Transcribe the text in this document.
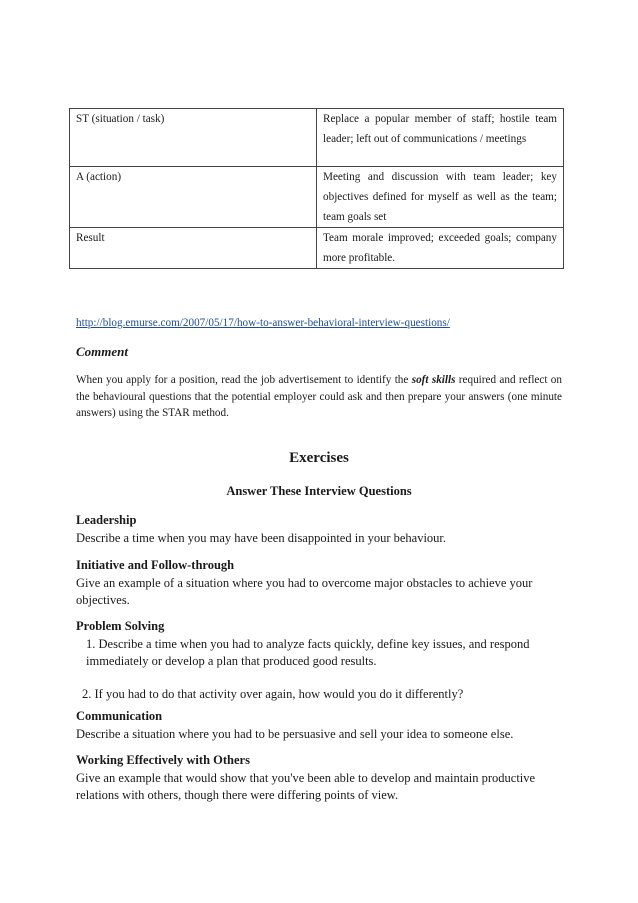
ST (situation / task)	Replace a popular member of staff; hostile team leader; left out of communications / meetings
A (action)	Meeting and discussion with team leader; key objectives defined for myself as well as the team; team goals set
Result	Team morale improved; exceeded goals; company more profitable.
http://blog.emurse.com/2007/05/17/how-to-answer-behavioral-interview-questions/
Comment
When you apply for a position, read the job advertisement to identify the soft skills required and reflect on the behavioural questions that the potential employer could ask and then prepare your answers (one minute answers) using the STAR method.
Exercises
Answer These Interview Questions
Leadership

Describe a time when you may have been disappointed in your behaviour.

Initiative and Follow-through

Give an example of a situation where you had to overcome major obstacles to achieve your objectives.

Problem Solving

1. Describe a time when you had to analyze facts quickly, define key issues, and respond immediately or develop a plan that produced good results.

2. If you had to do that activity over again, how would you do it differently?

Communication

Describe a situation where you had to be persuasive and sell your idea to someone else.

Working Effectively with Others

Give an example that would show that you've been able to develop and maintain productive relations with others, though there were differing points of view.
